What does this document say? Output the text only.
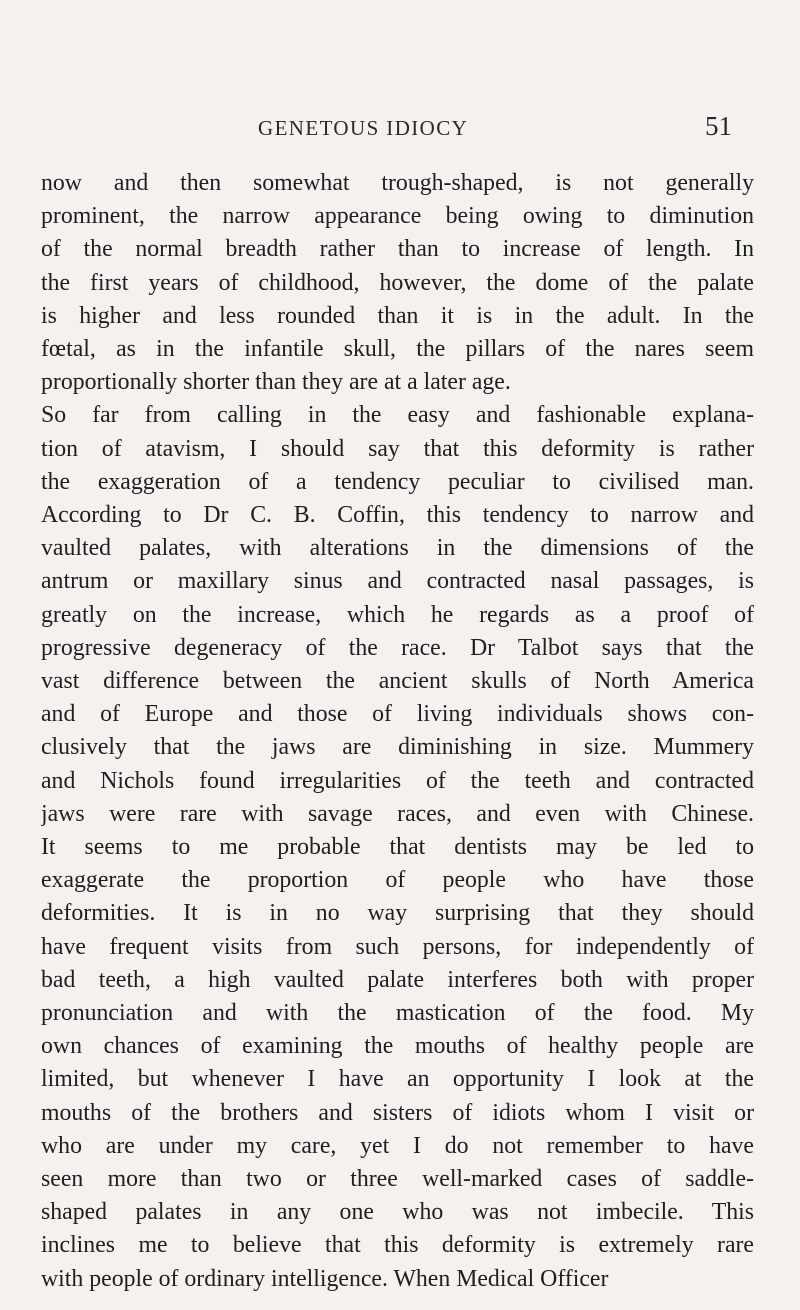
GENETOUS IDIOCY	51
now and then somewhat trough-shaped, is not generally
prominent, the narrow appearance being owing to diminution
of the normal breadth rather than to increase of length. In
the first years of childhood, however, the dome of the palate
is higher and less rounded than it is in the adult. In the
fœtal, as in the infantile skull, the pillars of the nares seem
proportionally shorter than they are at a later age.
So far from calling in the easy and fashionable explana-
tion of atavism, I should say that this deformity is rather
the exaggeration of a tendency peculiar to civilised man.
According to Dr C. B. Coffin, this tendency to narrow and
vaulted palates, with alterations in the dimensions of the
antrum or maxillary sinus and contracted nasal passages, is
greatly on the increase, which he regards as a proof of
progressive degeneracy of the race. Dr Talbot says that the
vast difference between the ancient skulls of North America
and of Europe and those of living individuals shows con-
clusively that the jaws are diminishing in size. Mummery
and Nichols found irregularities of the teeth and contracted
jaws were rare with savage races, and even with Chinese.
It seems to me probable that dentists may be led to
exaggerate the proportion of people who have those
deformities. It is in no way surprising that they should
have frequent visits from such persons, for independently of
bad teeth, a high vaulted palate interferes both with proper
pronunciation and with the mastication of the food. My
own chances of examining the mouths of healthy people are
limited, but whenever I have an opportunity I look at the
mouths of the brothers and sisters of idiots whom I visit or
who are under my care, yet I do not remember to have
seen more than two or three well-marked cases of saddle-
shaped palates in any one who was not imbecile. This
inclines me to believe that this deformity is extremely rare
with people of ordinary intelligence. When Medical Officer
